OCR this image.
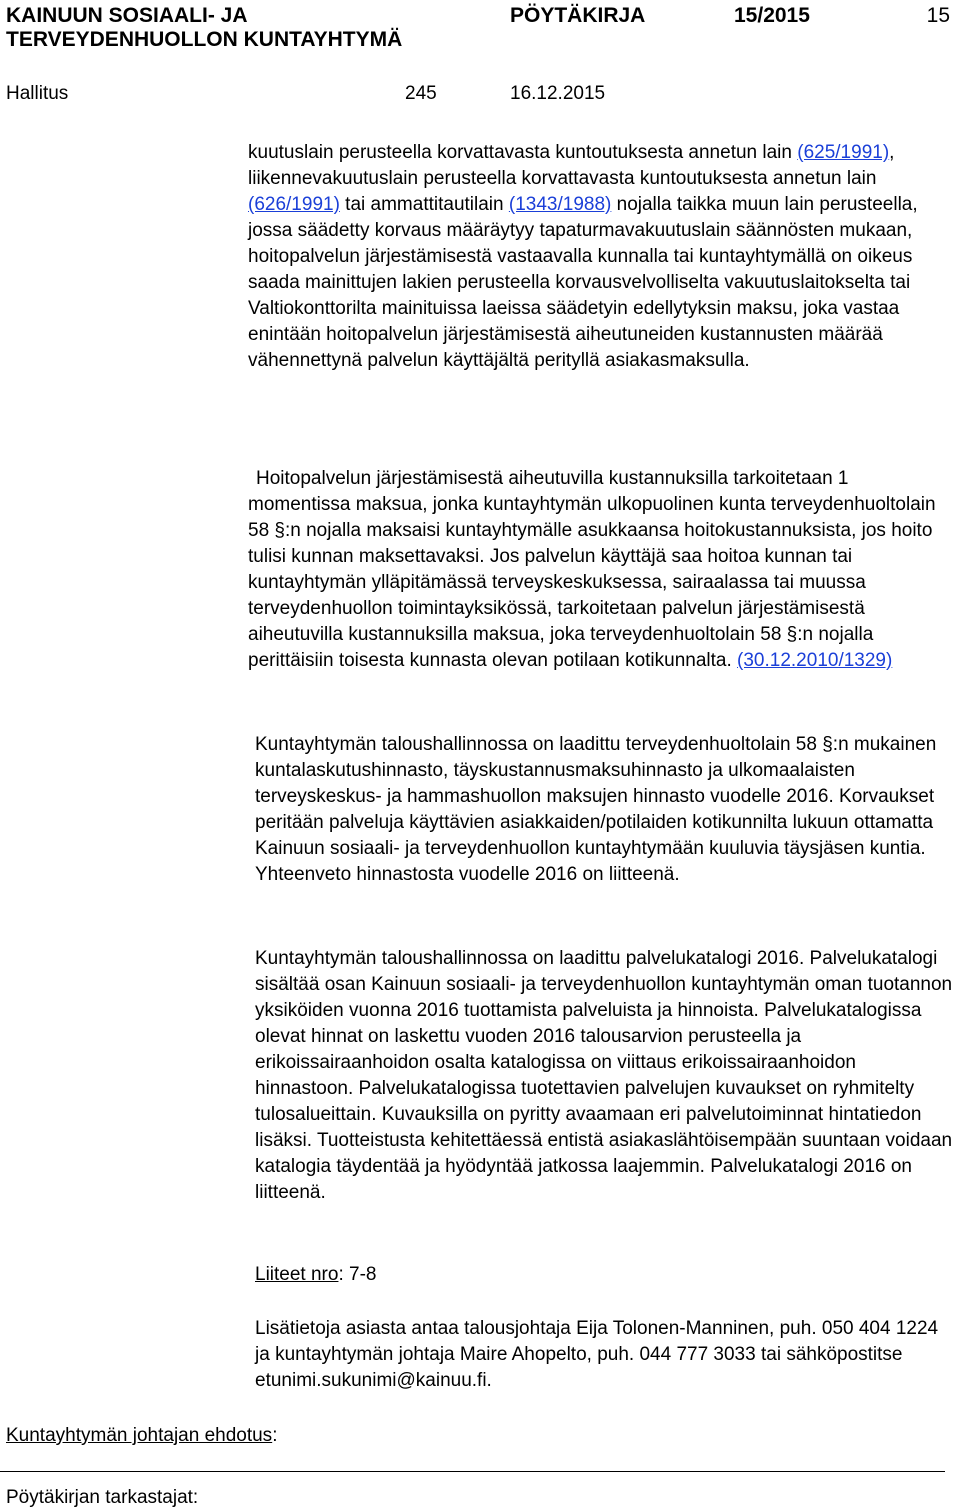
KAINUUN SOSIAALI- JA
TERVEYDENHUOLLON KUNTAYHTYMÄ
PÖYTÄKIRJA	15/2015	15
Hallitus	245	16.12.2015

kuutuslain perusteella korvattavasta kuntoutuksesta annetun lain (625/1991), liikennevakuutuslain perusteella korvattavasta kuntoutuksesta annetun lain (626/1991) tai ammattitautilain (1343/1988) nojalla taikka muun lain perusteella, jossa säädetty korvaus määräytyy tapaturmavakuutuslain säännösten mukaan, hoitopalvelun järjestämisestä vastaavalla kunnalla tai kuntayhtymällä on oikeus saada mainittujen lakien perusteella korvausvelvolliselta vakuutuslaitokselta tai Valtiokonttorilta mainituissa laeissa säädetyin edellytyksin maksu, joka vastaa enintään hoitopalvelun järjestämisestä aiheutuneiden kustannusten määrää vähennettynä palvelun käyttäjältä perityllä asiakasmaksulla.

Hoitopalvelun järjestämisestä aiheutuvilla kustannuksilla tarkoitetaan 1 momentissa maksua, jonka kuntayhtymän ulkopuolinen kunta terveydenhuoltolain 58 §:n nojalla maksaisi kuntayhtymälle asukkaansa hoitokustannuksista, jos hoito tulisi kunnan maksettavaksi. Jos palvelun käyttäjä saa hoitoa kunnan tai kuntayhtymän ylläpitämässä terveyskeskuksessa, sairaalassa tai muussa terveydenhuollon toimintayksikössä, tarkoitetaan palvelun järjestämisestä aiheutuvilla kustannuksilla maksua, joka terveydenhuoltolain 58 §:n nojalla perittäisiin toisesta kunnasta olevan potilaan kotikunnalta. (30.12.2010/1329)

Kuntayhtymän taloushallinnossa on laadittu terveydenhuoltolain 58 §:n mukainen kuntalaskutushinnasto, täyskustannusmaksuhinnasto ja ulkomaalaisten terveyskeskus- ja hammashuollon maksujen hinnasto vuodelle 2016. Korvaukset peritään palveluja käyttävien asiakkaiden/potilaiden kotikunnilta lukuun ottamatta Kainuun sosiaali- ja terveydenhuollon kuntayhtymään kuuluvia täysjäsen kuntia. Yhteenveto hinnastosta vuodelle 2016 on liitteenä.

Kuntayhtymän taloushallinnossa on laadittu palvelukatalogi 2016. Palvelukatalogi sisältää osan Kainuun sosiaali- ja terveydenhuollon kuntayhtymän oman tuotannon yksiköiden vuonna 2016 tuottamista palveluista ja hinnoista. Palvelukatalogissa olevat hinnat on laskettu vuoden 2016 talousarvion perusteella ja erikoissairaanhoidon osalta katalogissa on viittaus erikoissairaanhoidon hinnastoon. Palvelukatalogissa tuotettavien palvelujen kuvaukset on ryhmitelty tulosalueittain. Kuvauksilla on pyritty avaamaan eri palvelutoiminnat hintatiedon lisäksi. Tuotteistusta kehitettäessä entistä asiakaslähtöisempään suuntaan voidaan katalogia täydentää ja hyödyntää jatkossa laajemmin. Palvelukatalogi 2016 on liitteenä.

Liiteet nro: 7-8

Lisätietoja asiasta antaa talousjohtaja Eija Tolonen-Manninen, puh. 050 404 1224 ja kuntayhtymän johtaja Maire Ahopelto, puh. 044 777 3033 tai sähköpostitse etunimi.sukunimi@kainuu.fi.

Kuntayhtymän johtajan ehdotus:
Pöytäkirjan tarkastajat:
